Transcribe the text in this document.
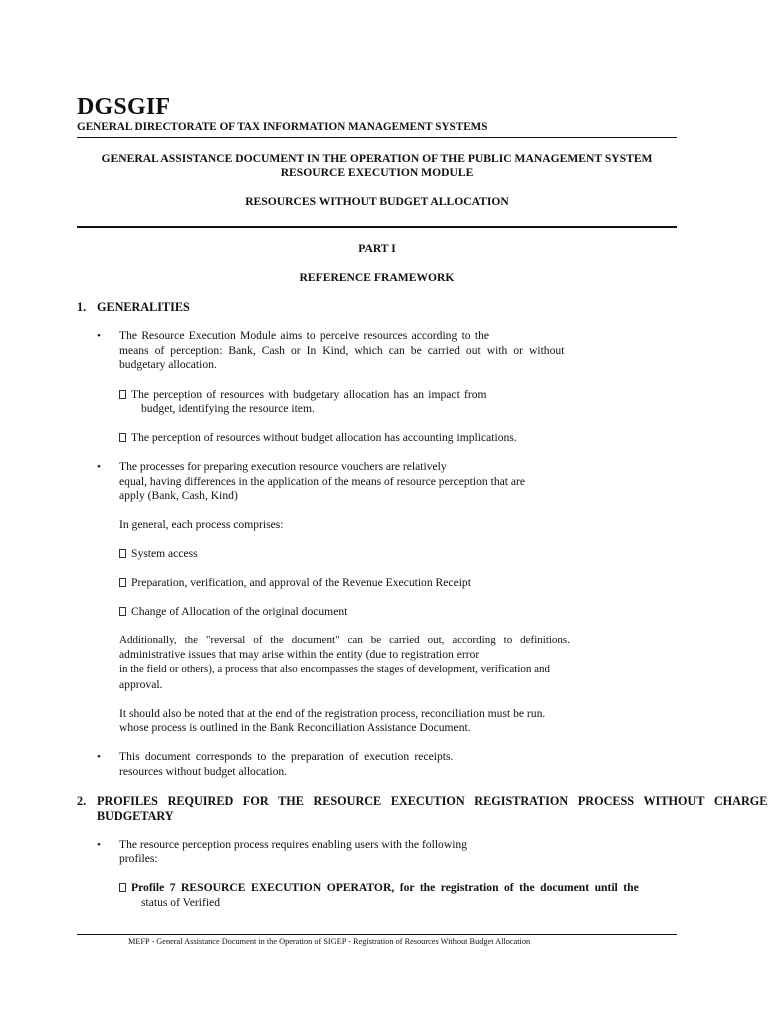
DGSGIF
GENERAL DIRECTORATE OF TAX INFORMATION MANAGEMENT SYSTEMS
GENERAL ASSISTANCE DOCUMENT IN THE OPERATION OF THE PUBLIC MANAGEMENT SYSTEM
RESOURCE EXECUTION MODULE
RESOURCES WITHOUT BUDGET ALLOCATION
PART I
REFERENCE FRAMEWORK
1. GENERALITIES
• The Resource Execution Module aims to perceive resources according to the
means of perception: Bank, Cash or In Kind, which can be carried out with or without
budgetary allocation.
The perception of resources with budgetary allocation has an impact from
budget, identifying the resource item.
The perception of resources without budget allocation has accounting implications.
• The processes for preparing execution resource vouchers are relatively
equal, having differences in the application of the means of resource perception that are
apply (Bank, Cash, Kind)
In general, each process comprises:
System access
Preparation, verification, and approval of the Revenue Execution Receipt
Change of Allocation of the original document
Additionally, the "reversal of the document" can be carried out, according to definitions.
administrative issues that may arise within the entity (due to registration error
in the field or others), a process that also encompasses the stages of development, verification and
approval.
It should also be noted that at the end of the registration process, reconciliation must be run.
whose process is outlined in the Bank Reconciliation Assistance Document.
• This document corresponds to the preparation of execution receipts.
resources without budget allocation.
2. PROFILES REQUIRED FOR THE RESOURCE EXECUTION REGISTRATION PROCESS WITHOUT CHARGE
BUDGETARY
• The resource perception process requires enabling users with the following
profiles:
Profile 7 RESOURCE EXECUTION OPERATOR, for the registration of the document until the
status of Verified
MEFP - General Assistance Document in the Operation of SIGEP - Registration of Resources Without Budget Allocation
